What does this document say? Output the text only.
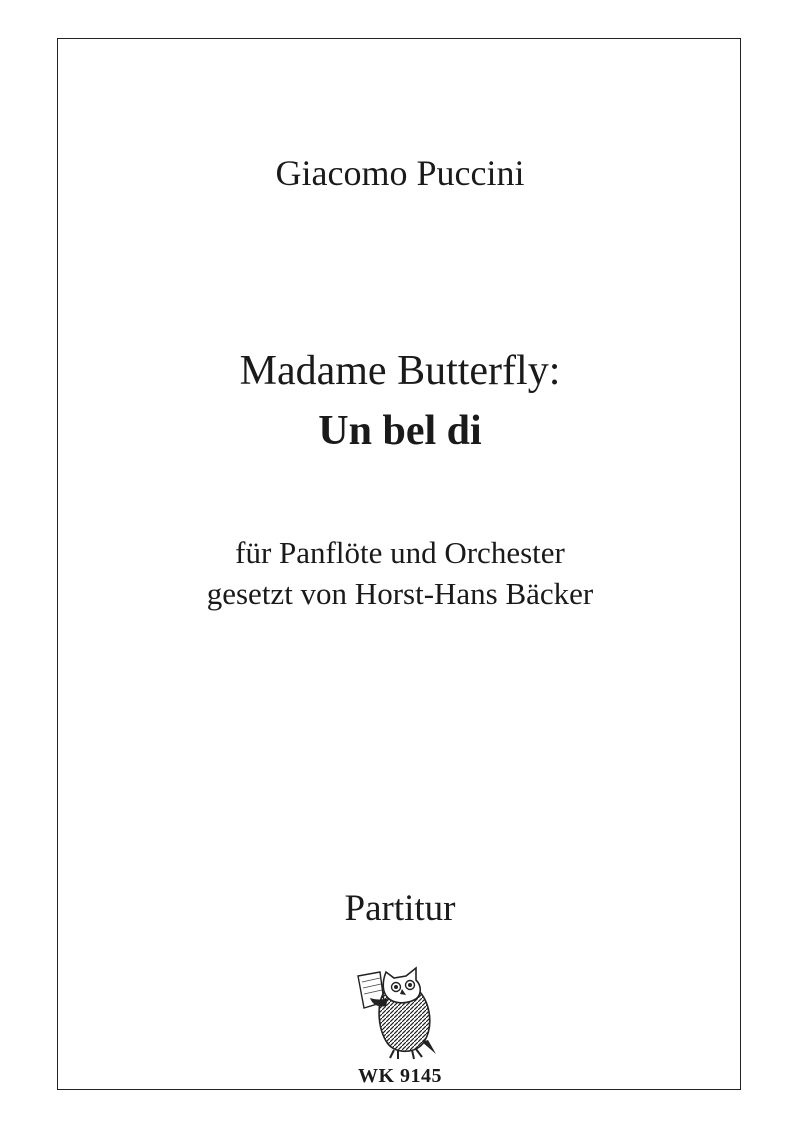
Giacomo Puccini
Madame Butterfly:
Un bel di
für Panflöte und Orchester
gesetzt von Horst-Hans Bäcker
Partitur
WK 9145
